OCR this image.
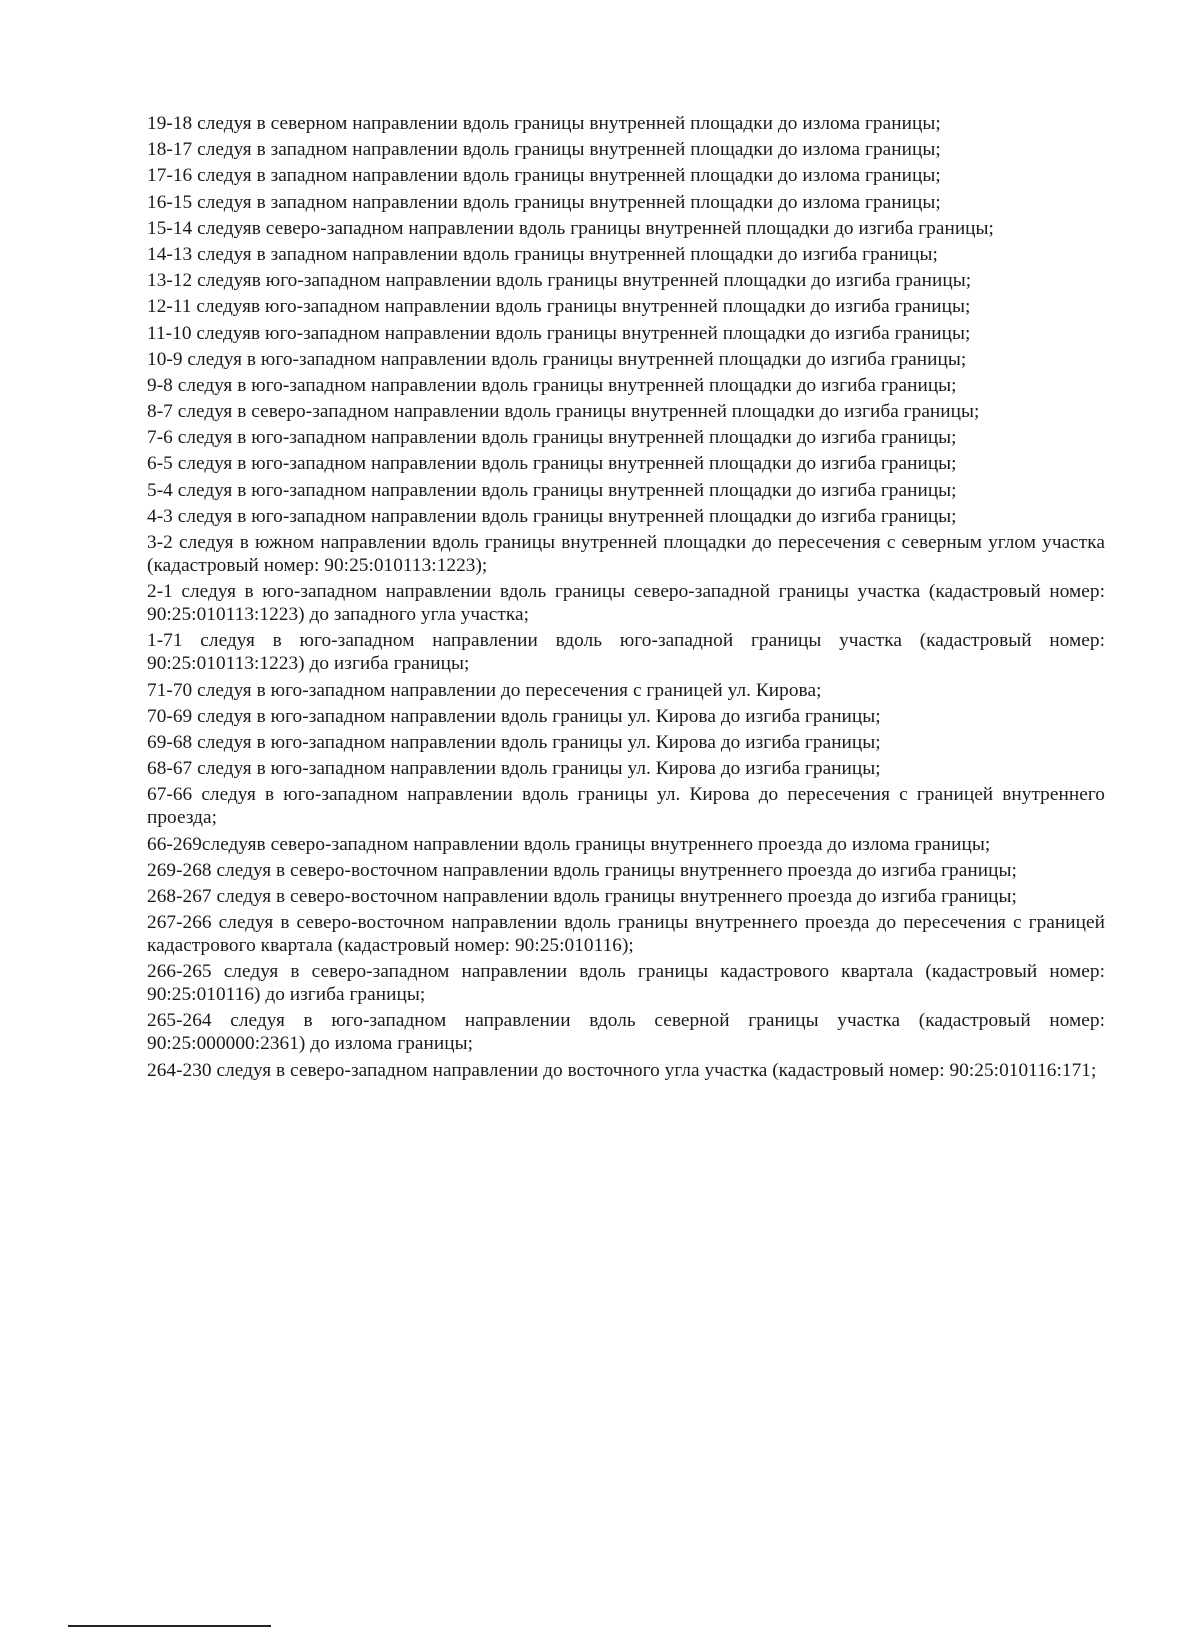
19-18 следуя в северном направлении вдоль границы внутренней площадки до излома границы;

18-17 следуя в западном направлении вдоль границы внутренней площадки до излома границы;

17-16 следуя в западном направлении вдоль границы внутренней площадки до излома границы;

16-15 следуя в западном направлении вдоль границы внутренней площадки до излома границы;

15-14 следуяв северо-западном направлении вдоль границы внутренней площадки до изгиба границы;

14-13 следуя в западном направлении вдоль границы внутренней площадки до изгиба границы;

13-12 следуяв юго-западном направлении вдоль границы внутренней площадки до изгиба границы;

12-11 следуяв юго-западном направлении вдоль границы внутренней площадки до изгиба границы;

11-10 следуяв юго-западном направлении вдоль границы внутренней площадки до изгиба границы;

10-9 следуя в юго-западном направлении вдоль границы внутренней площадки до изгиба границы;

9-8 следуя в юго-западном направлении вдоль границы внутренней площадки до изгиба границы;

8-7 следуя в северо-западном направлении вдоль границы внутренней площадки до изгиба границы;

7-6 следуя в юго-западном направлении вдоль границы внутренней площадки до изгиба границы;

6-5 следуя в юго-западном направлении вдоль границы внутренней площадки до изгиба границы;

5-4 следуя в юго-западном направлении вдоль границы внутренней площадки до изгиба границы;

4-3 следуя в юго-западном направлении вдоль границы внутренней площадки до изгиба границы;

3-2 следуя в южном направлении вдоль границы внутренней площадки до пересечения с северным углом участка (кадастровый номер: 90:25:010113:1223);

2-1 следуя в юго-западном направлении вдоль границы северо-западной границы участка (кадастровый номер: 90:25:010113:1223) до западного угла участка;

1-71 следуя в юго-западном направлении вдоль юго-западной границы участка (кадастровый номер: 90:25:010113:1223) до изгиба границы;

71-70 следуя в юго-западном направлении до пересечения с границей ул. Кирова;

70-69 следуя в юго-западном направлении вдоль границы ул. Кирова до изгиба границы;

69-68 следуя в юго-западном направлении вдоль границы ул. Кирова до изгиба границы;

68-67 следуя в юго-западном направлении вдоль границы ул. Кирова до изгиба границы;

67-66 следуя в юго-западном направлении вдоль границы ул. Кирова до пересечения с границей внутреннего проезда;

66-269следуяв северо-западном направлении вдоль границы внутреннего проезда до излома границы;

269-268 следуя в северо-восточном направлении вдоль границы внутреннего проезда до изгиба границы;

268-267 следуя в северо-восточном направлении вдоль границы внутреннего проезда до изгиба границы;

267-266 следуя в северо-восточном направлении вдоль границы внутреннего проезда до пересечения с границей кадастрового квартала (кадастровый номер: 90:25:010116);

266-265 следуя в северо-западном направлении вдоль границы кадастрового квартала (кадастровый номер: 90:25:010116) до изгиба границы;

265-264 следуя в юго-западном направлении вдоль северной границы участка (кадастровый номер: 90:25:000000:2361) до излома границы;

264-230 следуя в северо-западном направлении до восточного угла участка (кадастровый номер: 90:25:010116:171;
